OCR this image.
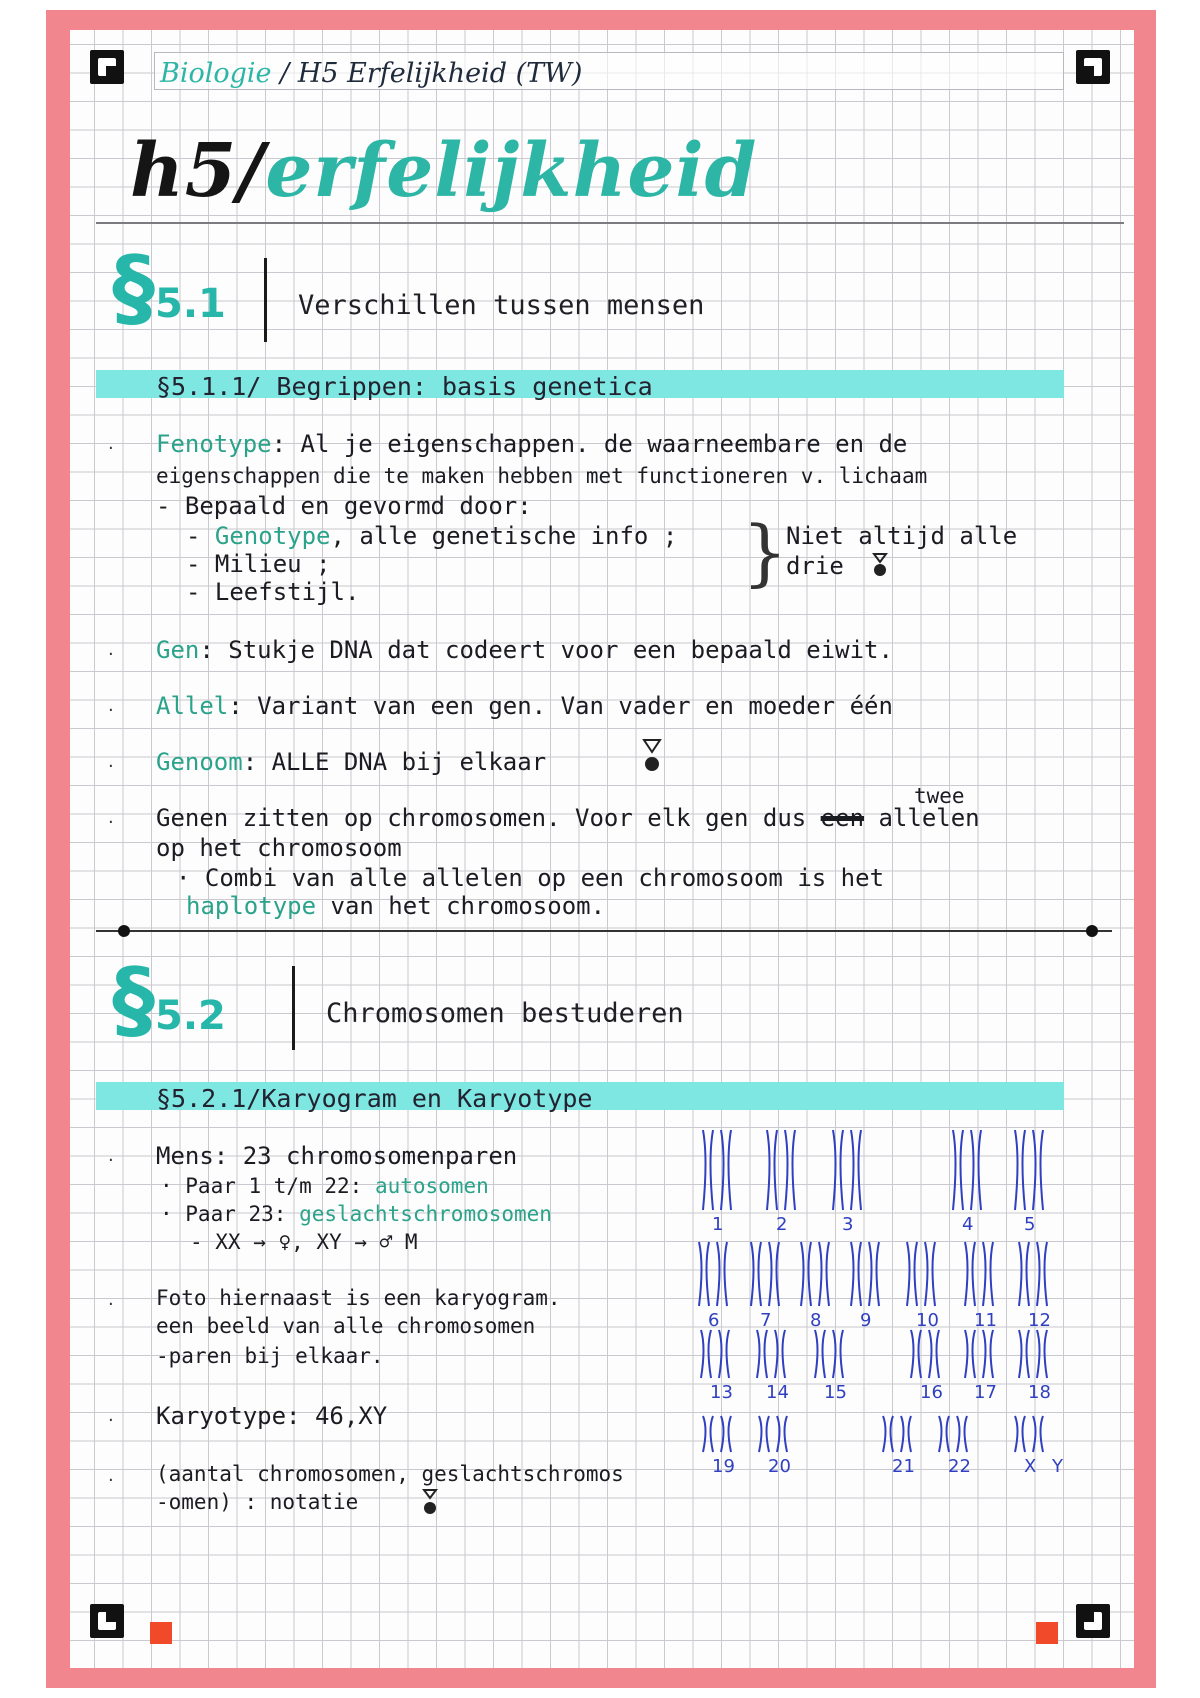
Biologie / H5 Erfelijkheid (TW)
h5/erfelijkheid
§5.1	Verschillen tussen mensen
§5.1.1/ Begrippen: basis genetica
· Fenotype: Al je eigenschappen. de waarneembare en de
eigenschappen die te maken hebben met functioneren v. lichaam
- Bepaald en gevormd door:
- Genotype, alle genetische info ;
- Milieu ;
- Leefstijl.	}
Niet altijd alle
drie
· Gen: Stukje DNA dat codeert voor een bepaald eiwit.
· Allel: Variant van een gen. Van vader en moeder één
· Genoom: ALLE DNA bij elkaar
· Genen zitten op chromosomen. Voor elk gen dus een allelen
twee
op het chromosoom
· Combi van alle allelen op een chromosoom is het
haplotype van het chromosoom.
§5.2	Chromosomen bestuderen
§5.2.1/Karyogram en Karyotype
· Mens: 23 chromosomenparen
· Paar 1 t/m 22: autosomen
· Paar 23: geslachtschromosomen
- XX → ♀, XY → ♂ M
· Foto hiernaast is een karyogram.
een beeld van alle chromosomen
-paren bij elkaar.
· Karyotype: 46,XY
· (aantal chromosomen, geslachtschromos
-omen) : notatie
1	2	3	4	5
6 7 8 9 10 11 12
13 14 15	16 17 18
19 20	21 22	X Y
